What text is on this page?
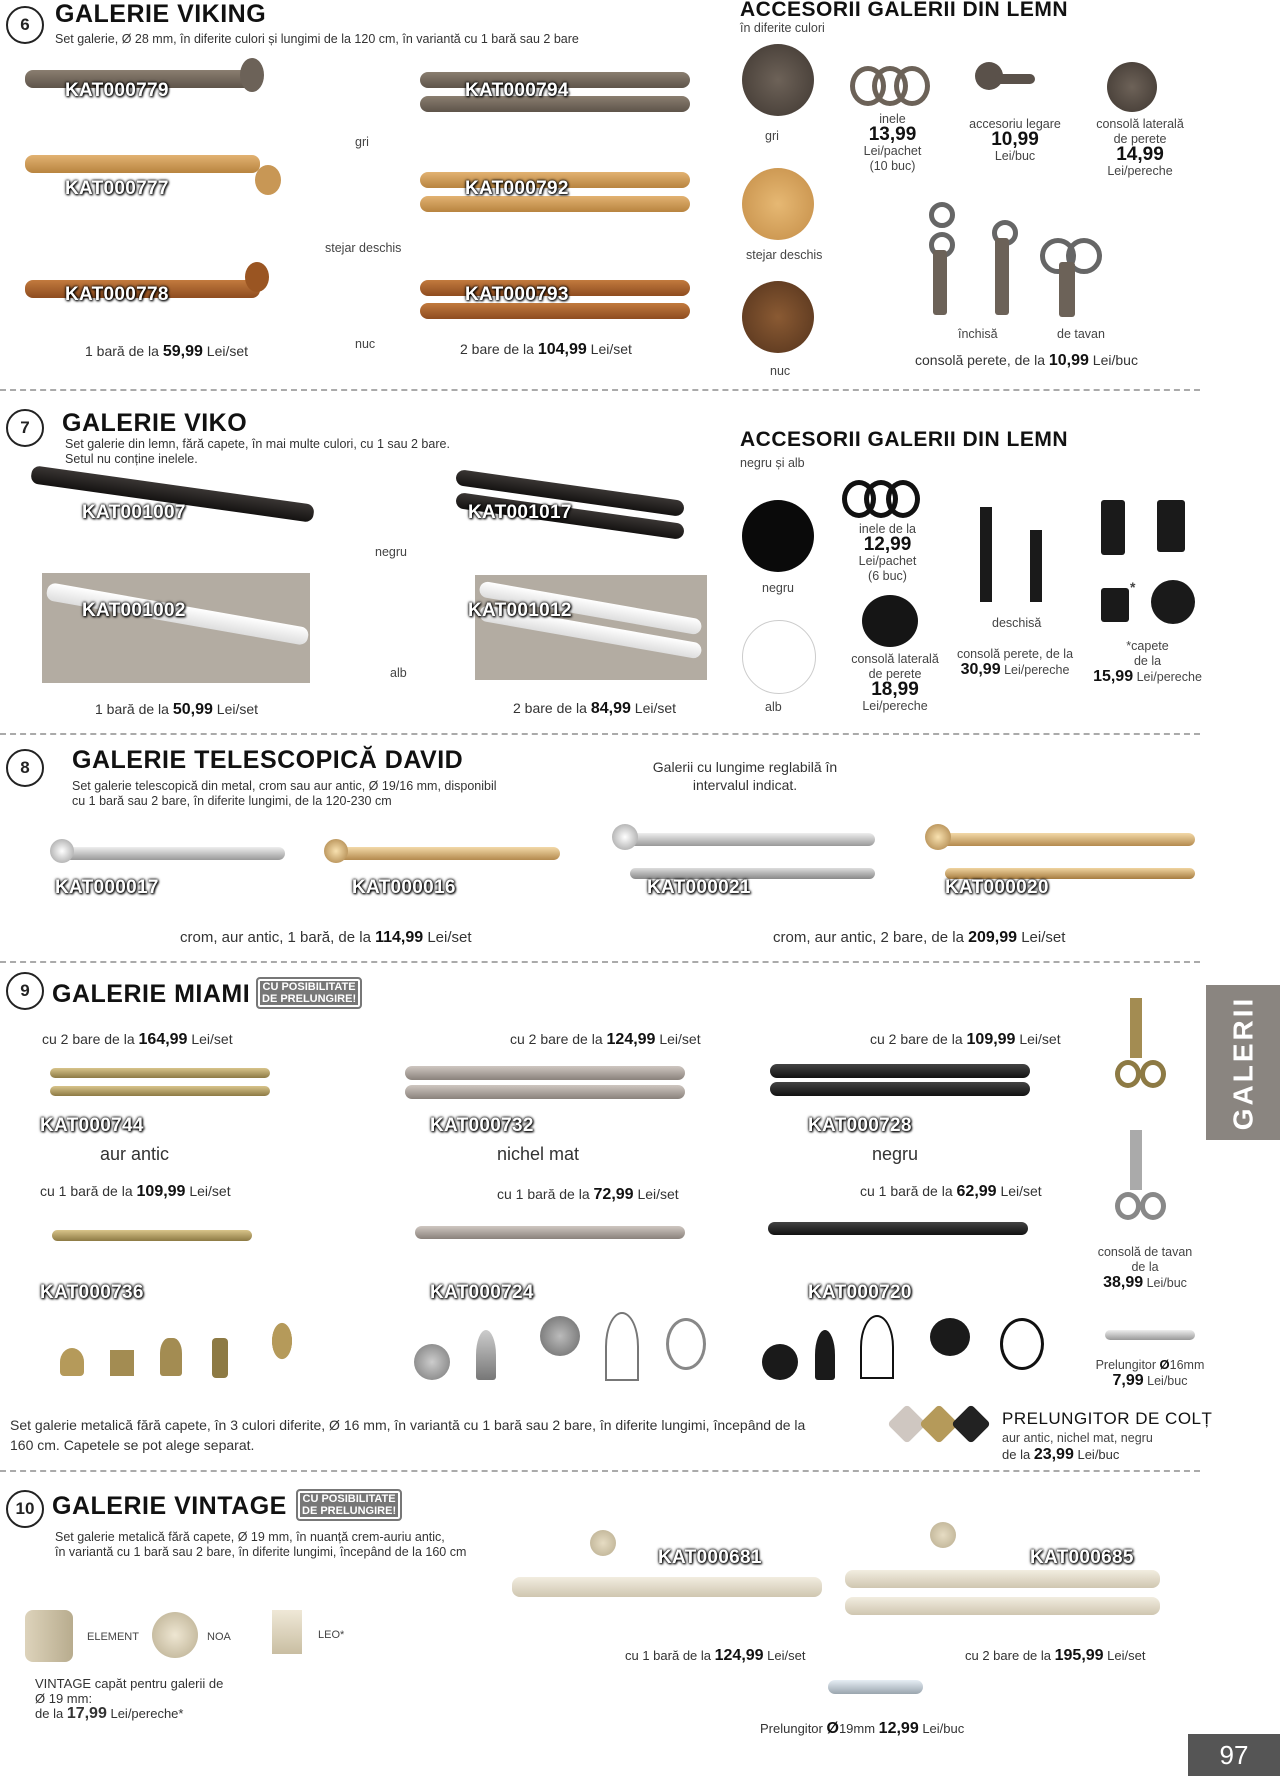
6	GALERIE VIKING
Set galerie, Ø 28 mm, în diferite culori și lungimi de la 120 cm, în variantă cu 1 bară sau 2 bare
KAT000779
KAT000777
KAT000778
KAT000794
KAT000792
KAT000793
gri
stejar deschis
nuc
1 bară de la 59,99 Lei/set	2 bare de la 104,99 Lei/set
ACCESORII GALERII DIN LEMN
în diferite culori
gri
stejar deschis
nuc
inele
13,99
Lei/pachet
(10 buc)
accesoriu legare
10,99
Lei/buc
consolă laterală
de perete
14,99
Lei/pereche
închisă	de tavan
consolă perete, de la 10,99 Lei/buc
7	GALERIE VIKO
Set galerie din lemn, fără capete, în mai multe culori, cu 1 sau 2 bare.
Setul nu conține inelele.
KAT001007	KAT001017
KAT001002	KAT001012
negru
alb
1 bară de la 50,99 Lei/set	2 bare de la 84,99 Lei/set
ACCESORII GALERII DIN LEMN
negru și alb
negru
alb
inele de la
12,99
Lei/pachet
(6 buc)
consolă laterală
de perete
18,99
Lei/pereche
deschisă
consolă perete, de la
30,99 Lei/pereche
*
*capete
de la
15,99 Lei/pereche
8	GALERIE TELESCOPICĂ DAVID
Set galerie telescopică din metal, crom sau aur antic, Ø 19/16 mm, disponibil
cu 1 bară sau 2 bare, în diferite lungimi, de la 120-230 cm
Galerii cu lungime reglabilă în
intervalul indicat.
KAT000017	KAT000016	KAT000021	KAT000020
crom, aur antic, 1 bară, de la 114,99 Lei/set	crom, aur antic, 2 bare, de la 209,99 Lei/set
9 GALERIE MIAMI CU POSIBILITATE
DE PRELUNGIRE!
cu 2 bare de la 164,99 Lei/set	cu 2 bare de la 124,99 Lei/set	cu 2 bare de la 109,99 Lei/set
KAT000744	KAT000732	KAT000728
aur antic	nichel mat	negru
cu 1 bară de la 109,99 Lei/set	cu 1 bară de la 72,99 Lei/set	cu 1 bară de la 62,99 Lei/set
KAT000736	KAT000724	KAT000720
consolă de tavan
de la
38,99 Lei/buc
Prelungitor Ø16mm
7,99 Lei/buc
Set galerie metalică fără capete, în 3 culori diferite, Ø 16 mm, în variantă cu 1 bară sau 2 bare, în diferite lungimi, începând de la
160 cm. Capetele se pot alege separat.
PRELUNGITOR DE COLȚ
aur antic, nichel mat, negru
de la 23,99 Lei/buc
10 GALERIE VINTAGE CU POSIBILITATE
DE PRELUNGIRE!
Set galerie metalică fără capete, Ø 19 mm, în nuanță crem-auriu antic,
în variantă cu 1 bară sau 2 bare, în diferite lungimi, începând de la 160 cm	KAT000681	KAT000685
ELEMENT	NOA	LEO*
VINTAGE capăt pentru galerii de
Ø 19 mm:
de la 17,99 Lei/pereche*
cu 1 bară de la 124,99 Lei/set	cu 2 bare de la 195,99 Lei/set
Prelungitor Ø19mm 12,99 Lei/buc
GALERII
97
